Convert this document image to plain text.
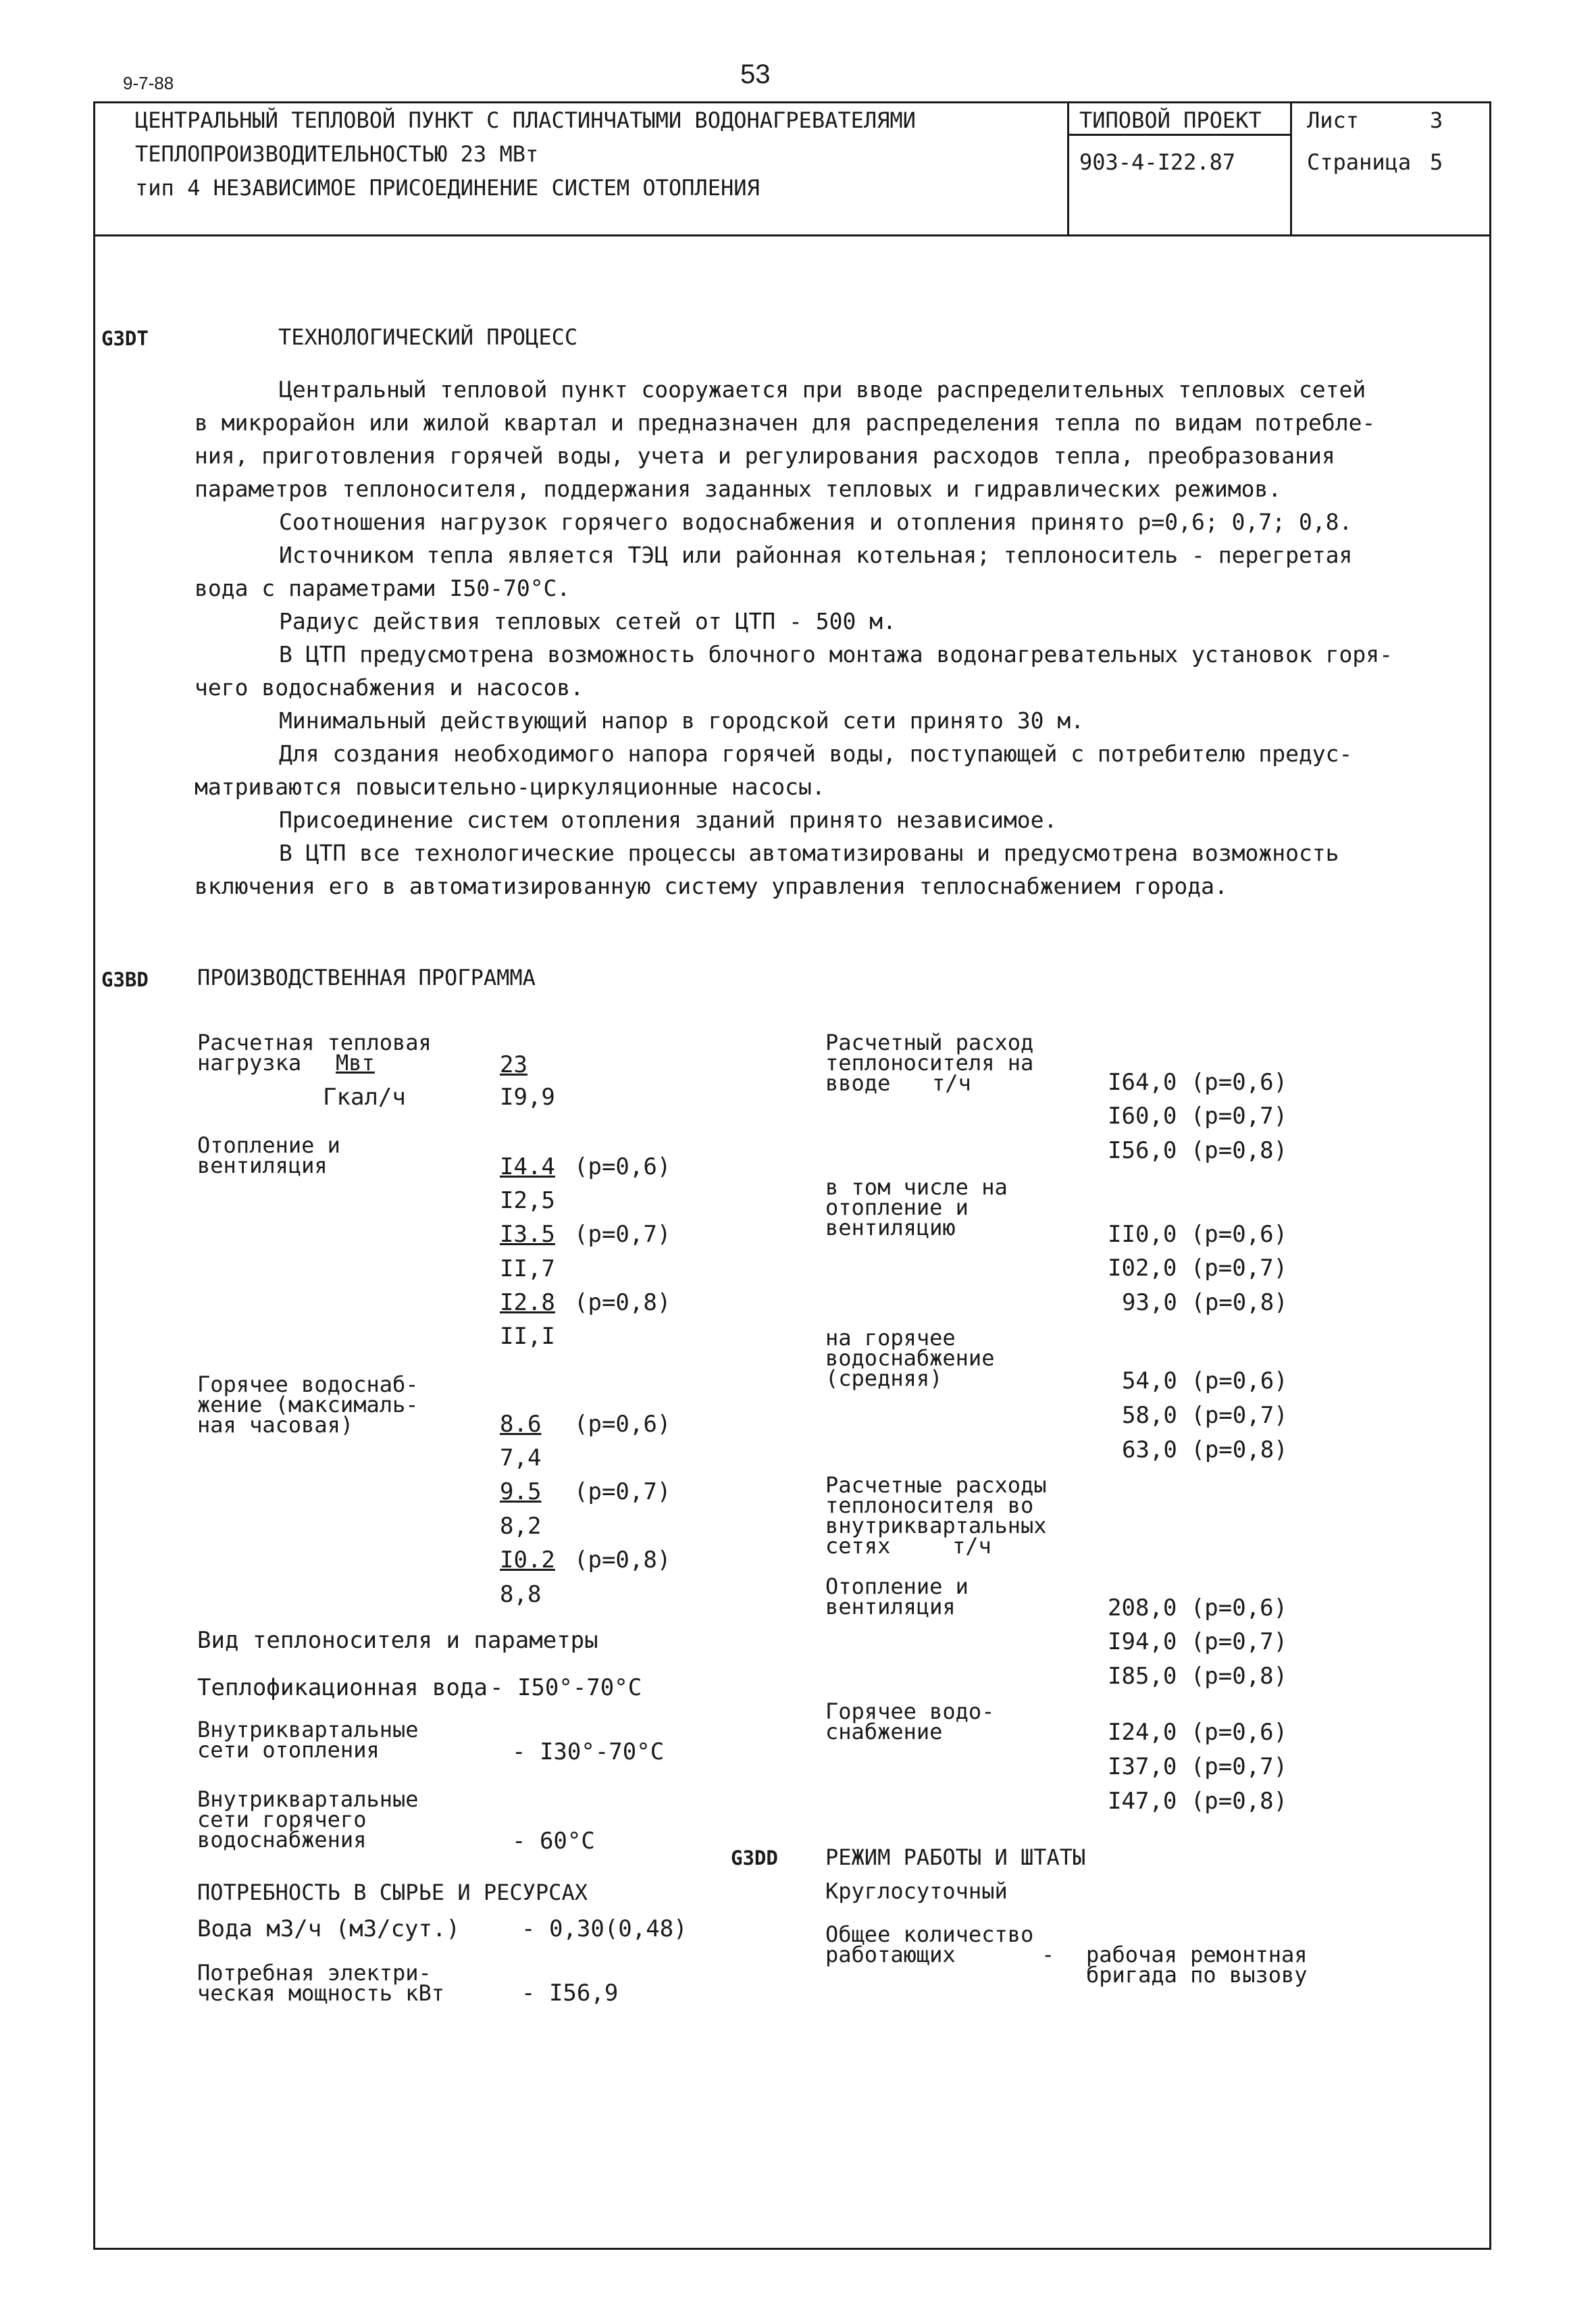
9-7-88	53
ЦЕНТРАЛЬНЫЙ ТЕПЛОВОЙ ПУНКТ С ПЛАСТИНЧАТЫМИ ВОДОНАГРЕВАТЕЛЯМИ
ТЕПЛОПРОИЗВОДИТЕЛЬНОСТЬЮ 23 МВт
тип 4 НЕЗАВИСИМОЕ ПРИСОЕДИНЕНИЕ СИСТЕМ ОТОПЛЕНИЯ
ТИПОВОЙ ПРОЕКТ
903-4-I22.87
Лист	3
Страница 5
G3DT	ТЕХНОЛОГИЧЕСКИЙ ПРОЦЕСС

Центральный тепловой пункт сооружается при вводе распределительных тепловых сетей

в микрорайон или жилой квартал и предназначен для распределения тепла по видам потребле-

ния, приготовления горячей воды, учета и регулирования расходов тепла, преобразования

параметров теплоносителя, поддержания заданных тепловых и гидравлических режимов.

Соотношения нагрузок горячего водоснабжения и отопления принято р=0,6; 0,7; 0,8.

Источником тепла является ТЭЦ или районная котельная; теплоноситель - перегретая

вода с параметрами I50-70°С.

Радиус действия тепловых сетей от ЦТП - 500 м.

В ЦТП предусмотрена возможность блочного монтажа водонагревательных установок горя-

чего водоснабжения и насосов.

Минимальный действующий напор в городской сети принято 30 м.

Для создания необходимого напора горячей воды, поступающей с потребителю предус-

матриваются повысительно-циркуляционные насосы.

Присоединение систем отопления зданий принято независимое.

В ЦТП все технологические процессы автоматизированы и предусмотрена возможность

включения его в автоматизированную систему управления теплоснабжением города.

G3BD ПРОИЗВОДСТВЕННАЯ ПРОГРАММА
Расчетная тепловая
нагрузка	Мвт	23
Гкал/ч	I9,9
Отопление и
вентиляция	I4.4 (р=0,6)
I2,5
I3.5 (р=0,7)
II,7
I2.8 (р=0,8)
II,I
Горячее водоснаб-
жение (максималь-
ная часовая)	8.6 (р=0,6)
7,4
9.5 (р=0,7)
8,2
I0.2 (р=0,8)
8,8
Вид теплоносителя и параметры
Теплофикационная вода - I50°-70°С
Внутриквартальные
сети отопления	- I30°-70°С
Внутриквартальные
сети горячего
водоснабжения	- 60°С
ПОТРЕБНОСТЬ В СЫРЬЕ И РЕСУРСАХ
Вода м3/ч (м3/сут.)	- 0,30(0,48)
Потребная электри-
ческая мощность кВт	- I56,9
Расчетный расход
теплоносителя на
вводе	т/ч	I64,0 (р=0,6)
I60,0 (р=0,7)
I56,0 (р=0,8)
в том числе на
отопление и
вентиляцию	II0,0 (р=0,6)
I02,0 (р=0,7)
93,0 (р=0,8)
на горячее
водоснабжение
(средняя)	54,0 (р=0,6)
58,0 (р=0,7)
63,0 (р=0,8)
Расчетные расходы
теплоносителя во
внутриквартальных
сетях	т/ч
Отопление и
вентиляция	208,0 (р=0,6)
I94,0 (р=0,7)
I85,0 (р=0,8)
Горячее водо-
снабжение	I24,0 (р=0,6)
I37,0 (р=0,7)
I47,0 (р=0,8)
G3DD РЕЖИМ РАБОТЫ И ШТАТЫ
Круглосуточный
Общее количество
работающих	- рабочая ремонтная
бригада по вызову
